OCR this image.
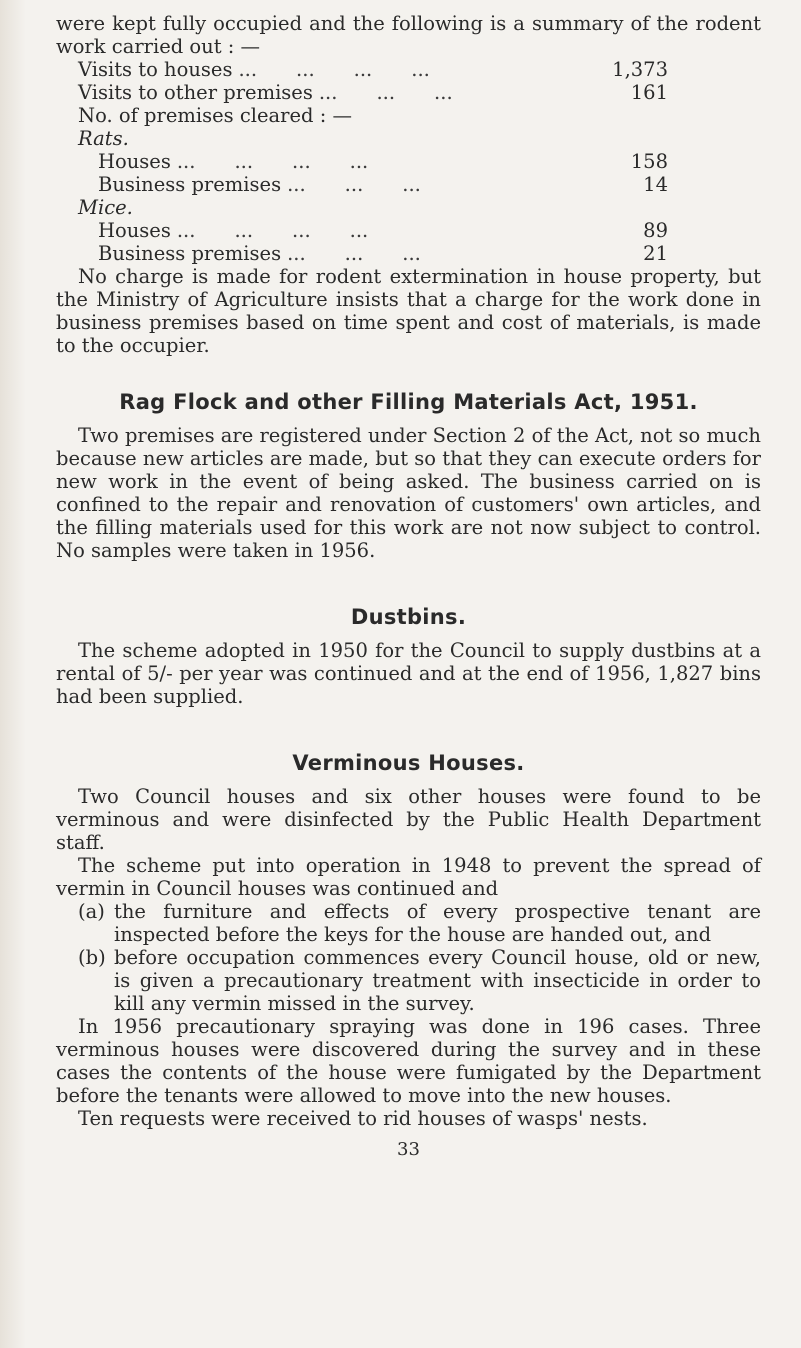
were kept fully occupied and the following is a summary of the rodent work carried out : —

Visits to houses ...  ...  ...  ...	1,373
Visits to other premises ...  ...  ...	161
No. of premises cleared : —
Rats.
Houses ...  ...  ...  ...	158
Business premises ...  ...  ...	14
Mice.
Houses ...  ...  ...  ...	89
Business premises ...  ...  ...	21

No charge is made for rodent extermination in house property, but the Ministry of Agriculture insists that a charge for the work done in business premises based on time spent and cost of materials, is made to the occupier.

Rag Flock and other Filling Materials Act, 1951.

Two premises are registered under Section 2 of the Act, not so much because new articles are made, but so that they can execute orders for new work in the event of being asked. The business carried on is confined to the repair and renovation of customers' own articles, and the filling materials used for this work are not now subject to control. No samples were taken in 1956.

Dustbins.

The scheme adopted in 1950 for the Council to supply dustbins at a rental of 5/- per year was continued and at the end of 1956, 1,827 bins had been supplied.

Verminous Houses.

Two Council houses and six other houses were found to be verminous and were disinfected by the Public Health Department staff.

The scheme put into operation in 1948 to prevent the spread of vermin in Council houses was continued and

(a) the furniture and effects of every prospective tenant are inspected before the keys for the house are handed out, and
(b) before occupation commences every Council house, old or new, is given a precautionary treatment with insecticide in order to kill any vermin missed in the survey.

In 1956 precautionary spraying was done in 196 cases. Three verminous houses were discovered during the survey and in these cases the contents of the house were fumigated by the Department before the tenants were allowed to move into the new houses.

Ten requests were received to rid houses of wasps' nests.

33
